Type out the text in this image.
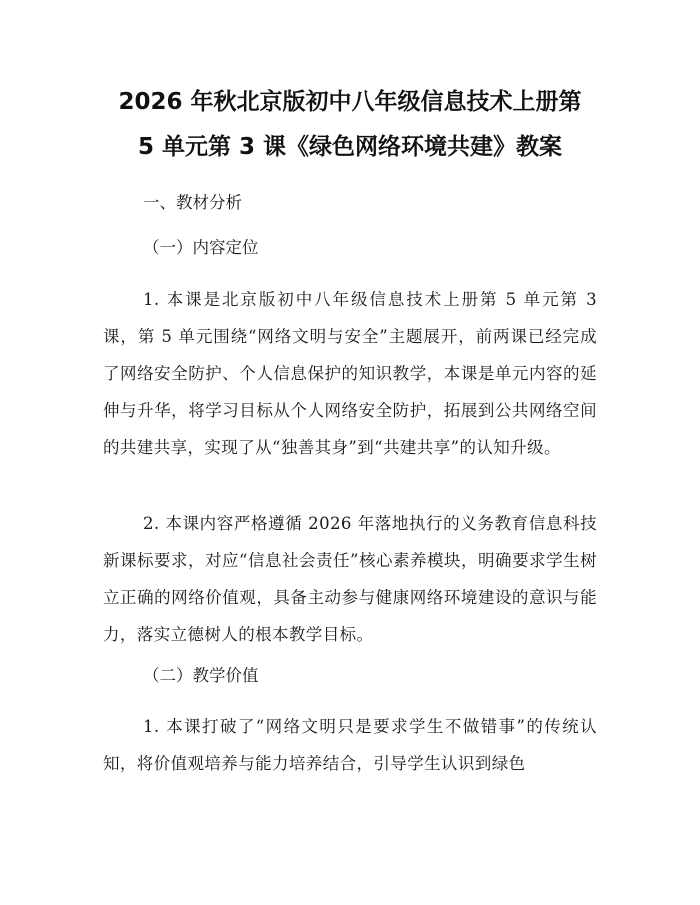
2026 年秋北京版初中八年级信息技术上册第
5 单元第 3 课《绿色网络环境共建》教案

一、教材分析

（一）内容定位

1. 本课是北京版初中八年级信息技术上册第 5 单元第 3 课，第 5 单元围绕“网络文明与安全”主题展开，前两课已经完成了网络安全防护、个人信息保护的知识教学，本课是单元内容的延伸与升华，将学习目标从个人网络安全防护，拓展到公共网络空间的共建共享，实现了从“独善其身”到“共建共享”的认知升级。

2. 本课内容严格遵循 2026 年落地执行的义务教育信息科技新课标要求，对应“信息社会责任”核心素养模块，明确要求学生树立正确的网络价值观，具备主动参与健康网络环境建设的意识与能力，落实立德树人的根本教学目标。

（二）教学价值

1. 本课打破了“网络文明只是要求学生不做错事”的传统认知，将价值观培养与能力培养结合，引导学生认识到绿色
